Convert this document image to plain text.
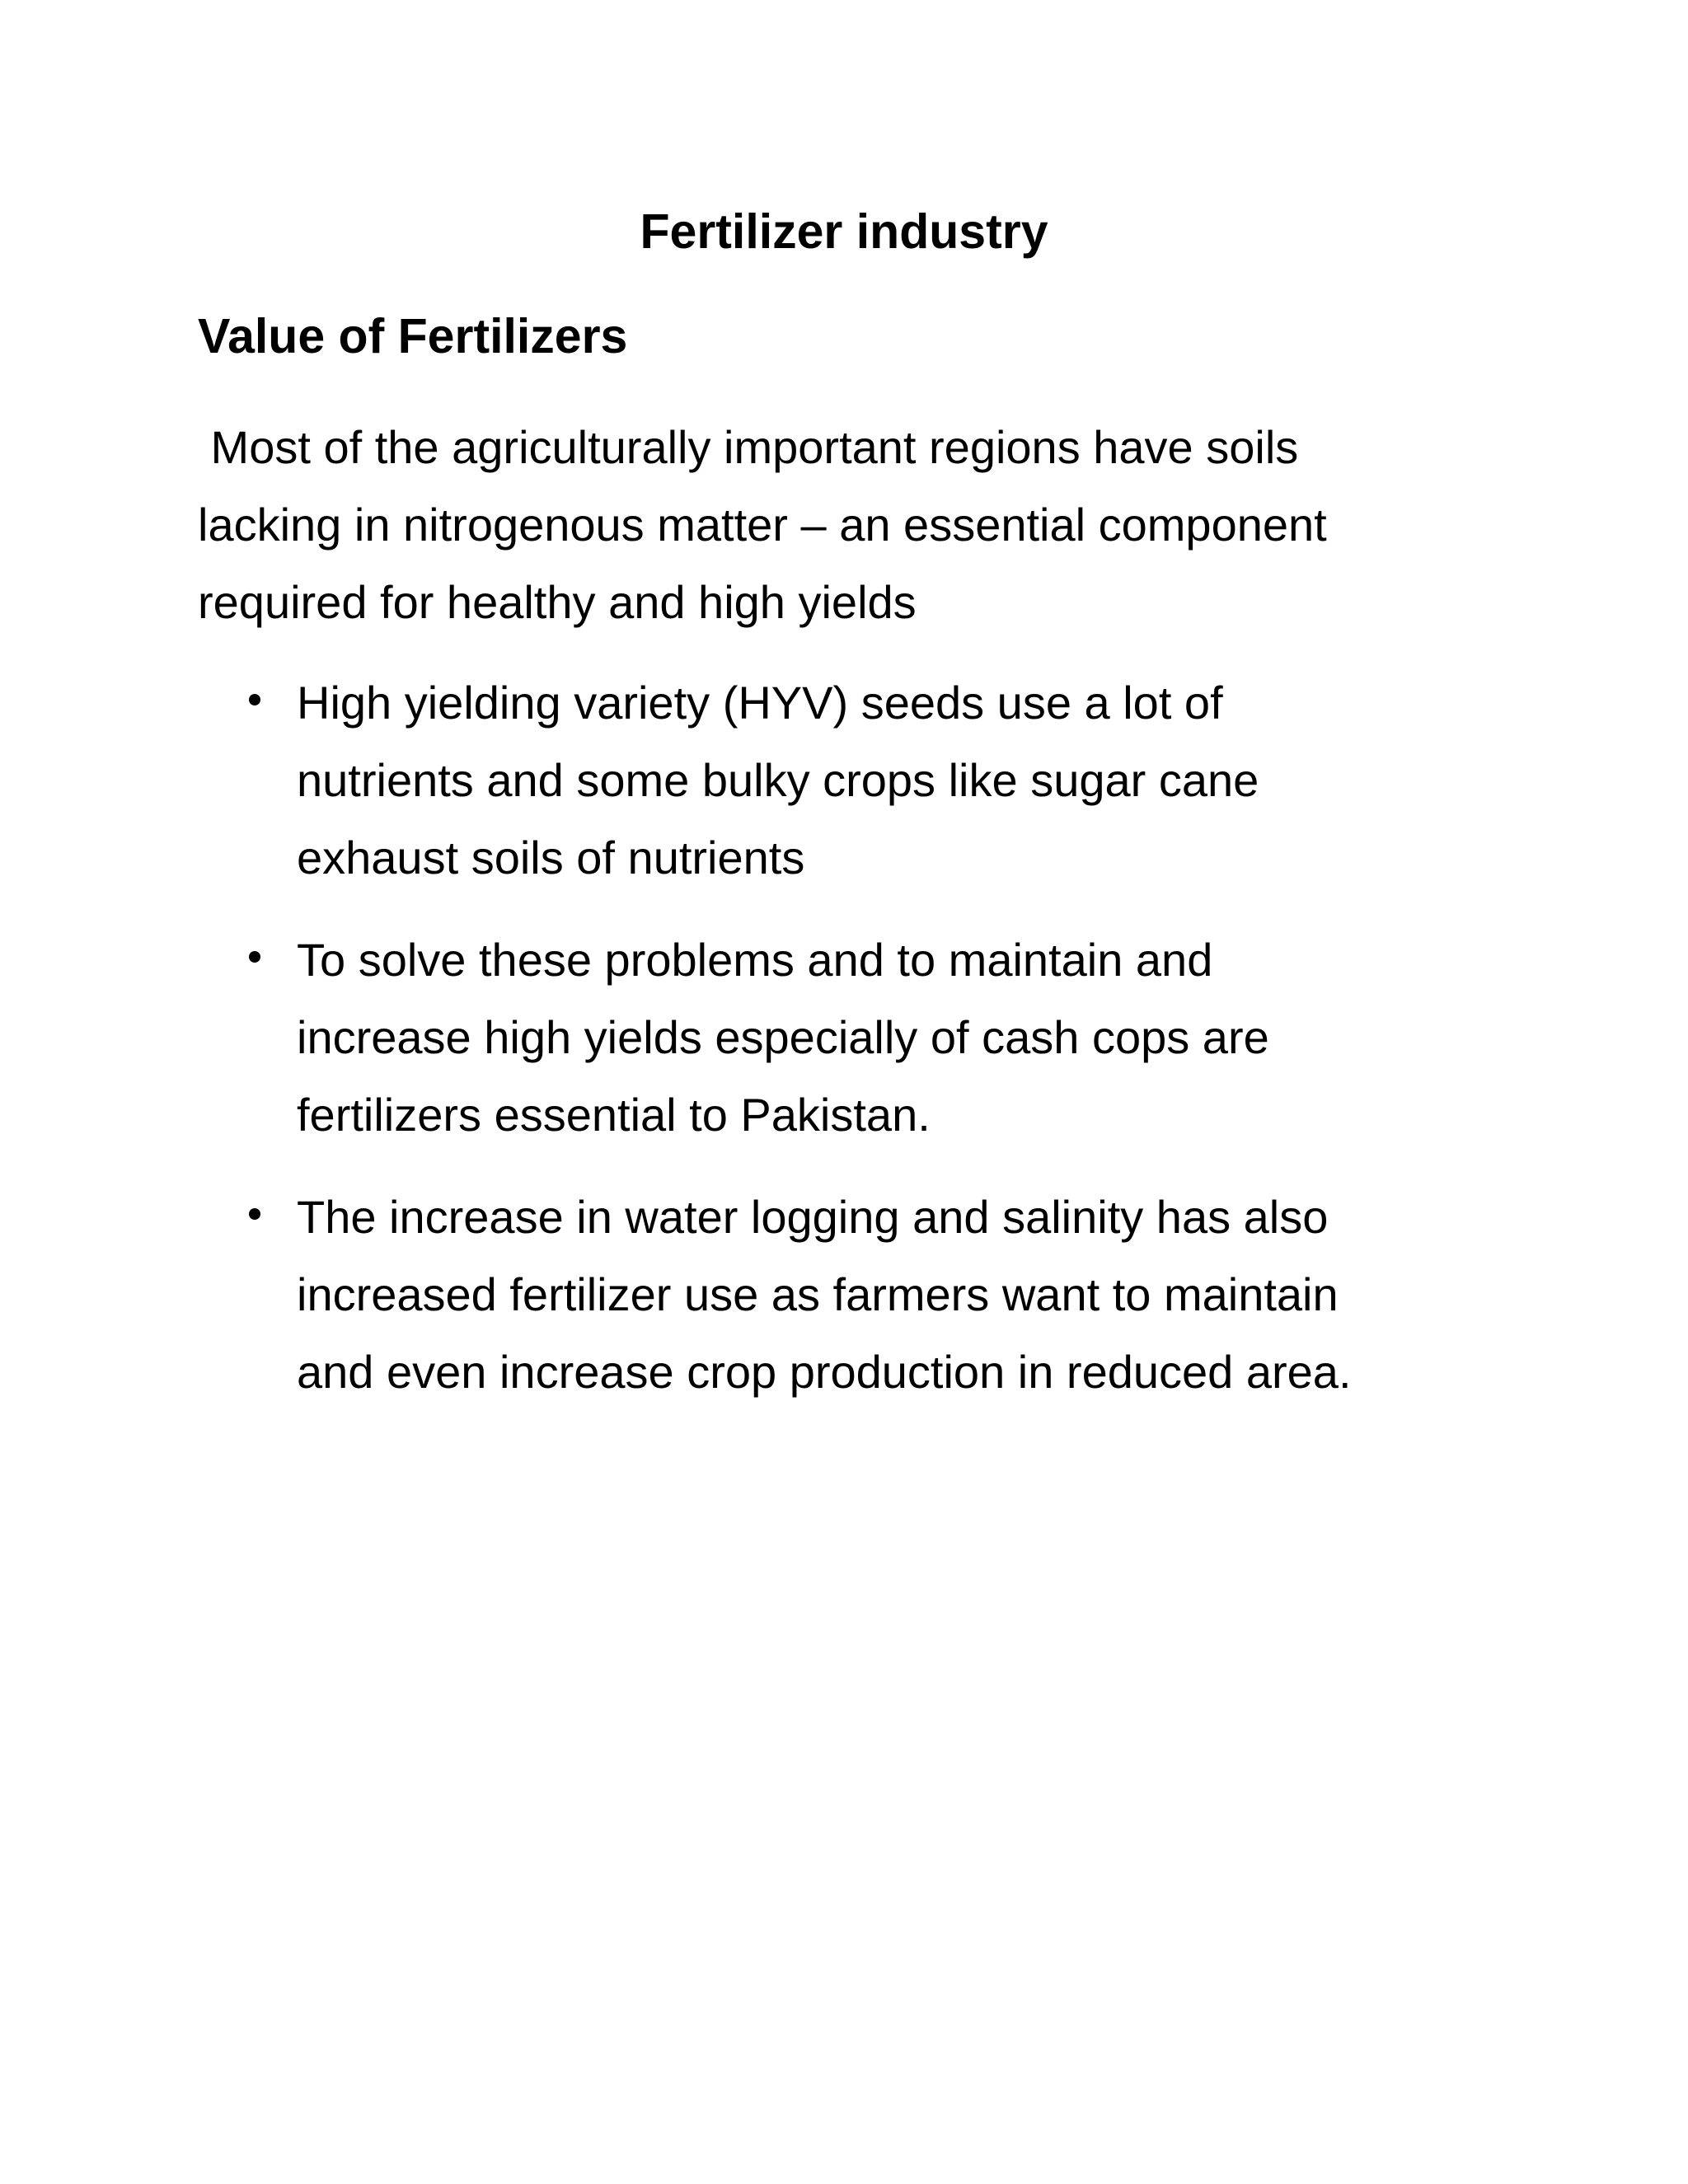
Fertilizer industry
Value of Fertilizers

Most of the agriculturally important regions have soils
lacking in nitrogenous matter – an essential component
required for healthy and high yields

High yielding variety (HYV) seeds use a lot of
nutrients and some bulky crops like sugar cane
exhaust soils of nutrients
To solve these problems and to maintain and
increase high yields especially of cash cops are
fertilizers essential to Pakistan.
The increase in water logging and salinity has also
increased fertilizer use as farmers want to maintain
and even increase crop production in reduced area.
